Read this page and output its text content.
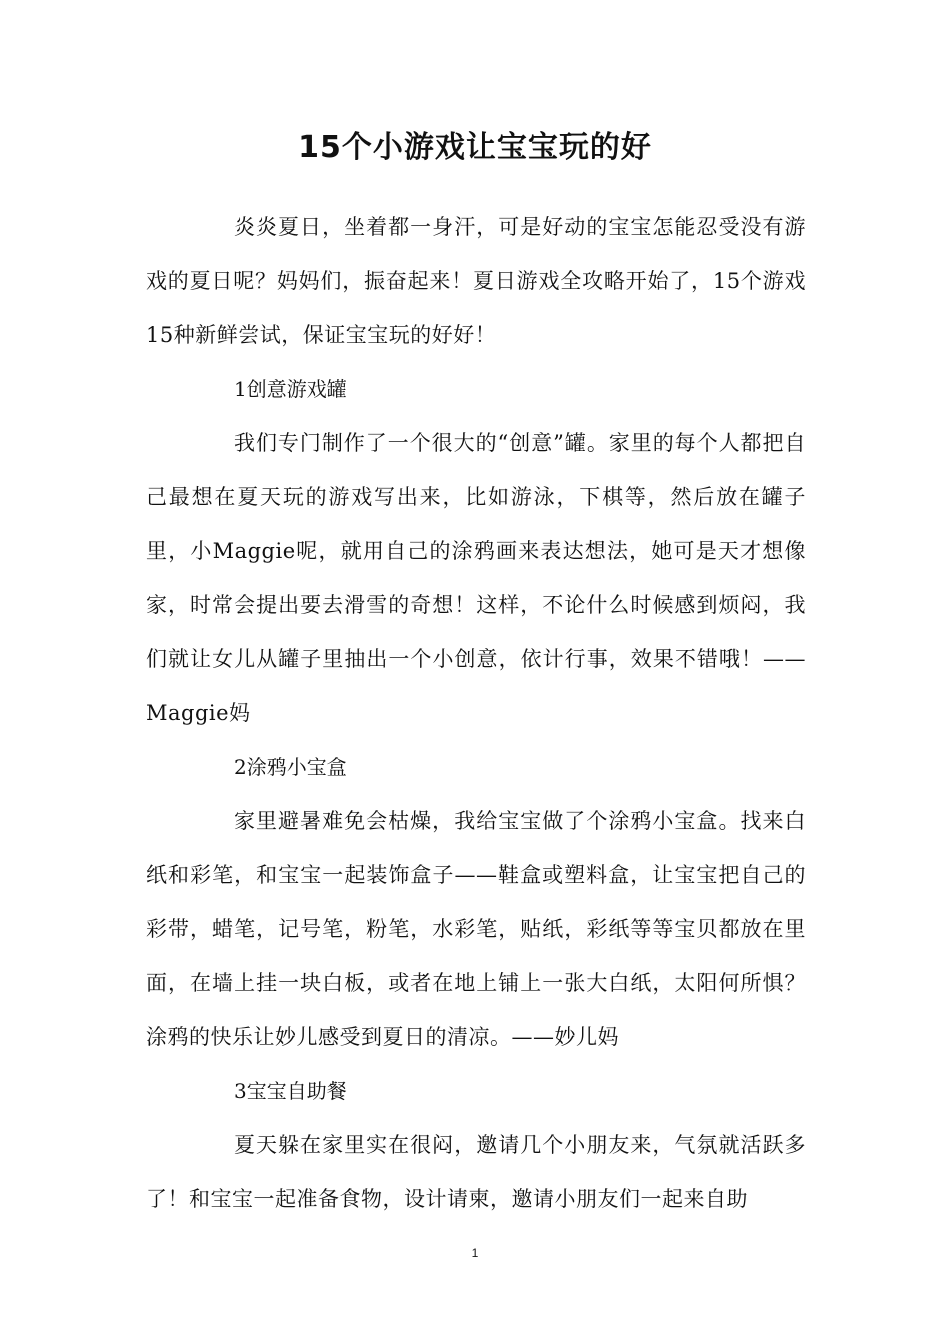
15个小游戏让宝宝玩的好

炎炎夏日，坐着都一身汗，可是好动的宝宝怎能忍受没有游戏的夏日呢？妈妈们，振奋起来！夏日游戏全攻略开始了，15个游戏15种新鲜尝试，保证宝宝玩的好好！

1创意游戏罐

我们专门制作了一个很大的“创意”罐。家里的每个人都把自己最想在夏天玩的游戏写出来，比如游泳，下棋等，然后放在罐子里，小Maggie呢，就用自己的涂鸦画来表达想法，她可是天才想像家，时常会提出要去滑雪的奇想！这样，不论什么时候感到烦闷，我们就让女儿从罐子里抽出一个小创意，依计行事，效果不错哦！——Maggie妈

2涂鸦小宝盒

家里避暑难免会枯燥，我给宝宝做了个涂鸦小宝盒。找来白纸和彩笔，和宝宝一起装饰盒子——鞋盒或塑料盒，让宝宝把自己的彩带，蜡笔，记号笔，粉笔，水彩笔，贴纸，彩纸等等宝贝都放在里面，在墙上挂一块白板，或者在地上铺上一张大白纸，太阳何所惧？涂鸦的快乐让妙儿感受到夏日的清凉。——妙儿妈

3宝宝自助餐

夏天躲在家里实在很闷，邀请几个小朋友来，气氛就活跃多了！和宝宝一起准备食物，设计请柬，邀请小朋友们一起来自助

1
